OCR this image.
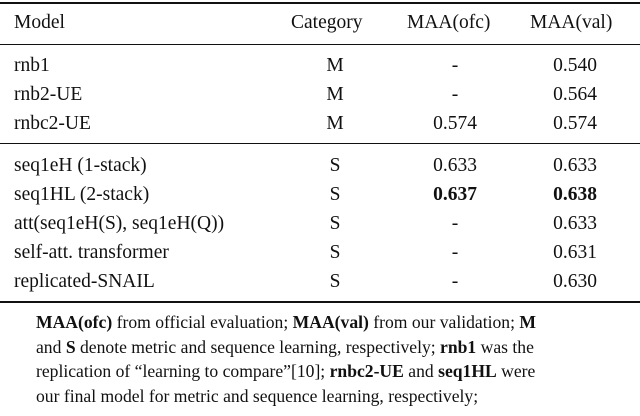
Model	Category	MAA(ofc)	MAA(val)
rnb1	M	-	0.540
rnb2-UE	M	-	0.564
rnbc2-UE	M	0.574	0.574
seq1eH (1-stack)	S	0.633	0.633
seq1HL (2-stack)	S	0.637	0.638
att(seq1eH(S), seq1eH(Q))	S	-	0.633
self-att. transformer	S	-	0.631
replicated-SNAIL	S	-	0.630
MAA(ofc) from official evaluation; MAA(val) from our validation; M
and S denote metric and sequence learning, respectively; rnb1 was the
replication of “learning to compare”[10]; rnbc2-UE and seq1HL were
our final model for metric and sequence learning, respectively;
